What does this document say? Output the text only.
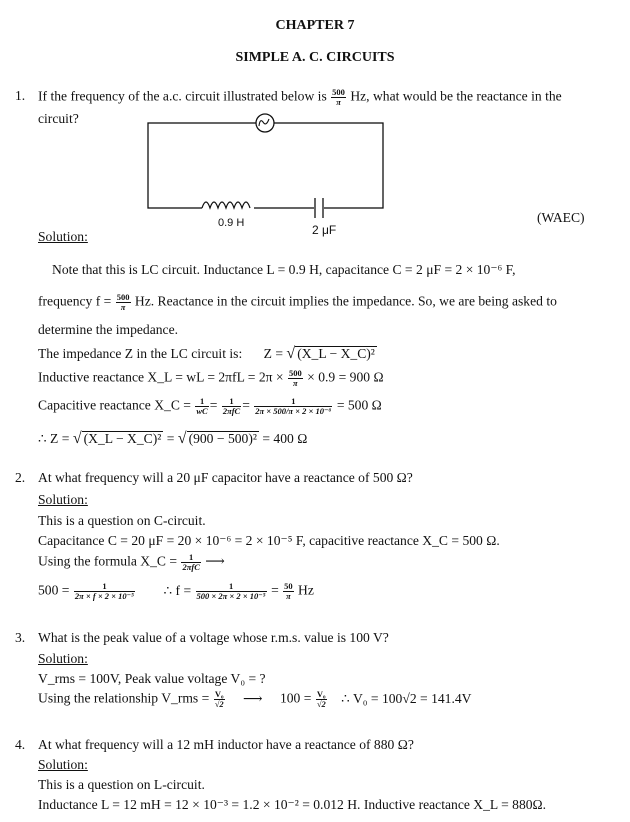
CHAPTER 7
SIMPLE A. C. CIRCUITS
1. If the frequency of the a.c. circuit illustrated below is $\frac{500}{\pi} Hz$, what would be the reactance in the
circuit?
0.9 H	2 μF
(WAEC)
Solution:
Note that this is LC circuit. Inductance L = 0.9 H, capacitance C = 2 μF = 2 × 10⁻⁶ F,
frequency $f = \frac{500}{\pi} Hz$. Reactance in the circuit implies the impedance. So, we are being asked to
determine the impedance.
The impedance Z in the LC circuit is: Z = √ (X_L − X_C)²
Inductive reactance X_L = wL = $2\pi fL = 2\pi \times \frac{500}{\pi} \times 0.9 = 900$ Ω
Capacitive reactance X_C = $\frac{1}{wC} = \frac{1}{\text{2πfC}} = \frac{1}{\text{2π × 500/π × 2 × 10⁻⁶}} = 500$ Ω
∴ Z = √ (X_L − X_C)² = √ (900 − 500)² = 400 Ω
2. At what frequency will a 20 μF capacitor have a reactance of 500 Ω?
Solution:
This is a question on C-circuit.
Capacitance C = 20 μF = 20 × 10⁻⁶ = 2 × 10⁻⁵ F, capacitive reactance X_C = 500 Ω.
Using the formula X_C = $\frac{1}{\text{2πfC}}$ ⟶
$500 = \frac{1}{\text{2π × f × 2 × 10⁻⁵}}$ ∴ $f = \frac{1}{\text{500 × 2π × 2 × 10⁻⁵}} = \frac{50}{\pi}$ Hz
3. What is the peak value of a voltage whose r.m.s. value is 100 V?
Solution:
V_rms = 100V, Peak value voltage V₀ = ?
Using the relationship V_rms = $\frac{\text{V₀}}{√2}$ ⟶ $100 = \frac{\text{V₀}}{√2}$ ∴ V₀ = 100√2 = 141.4V
4. At what frequency will a 12 mH inductor have a reactance of 880 Ω?
Solution:
This is a question on L-circuit.
Inductance L = 12 mH = 12 × 10⁻³ = 1.2 × 10⁻² = 0.012 H. Inductive reactance X_L = 880Ω.
